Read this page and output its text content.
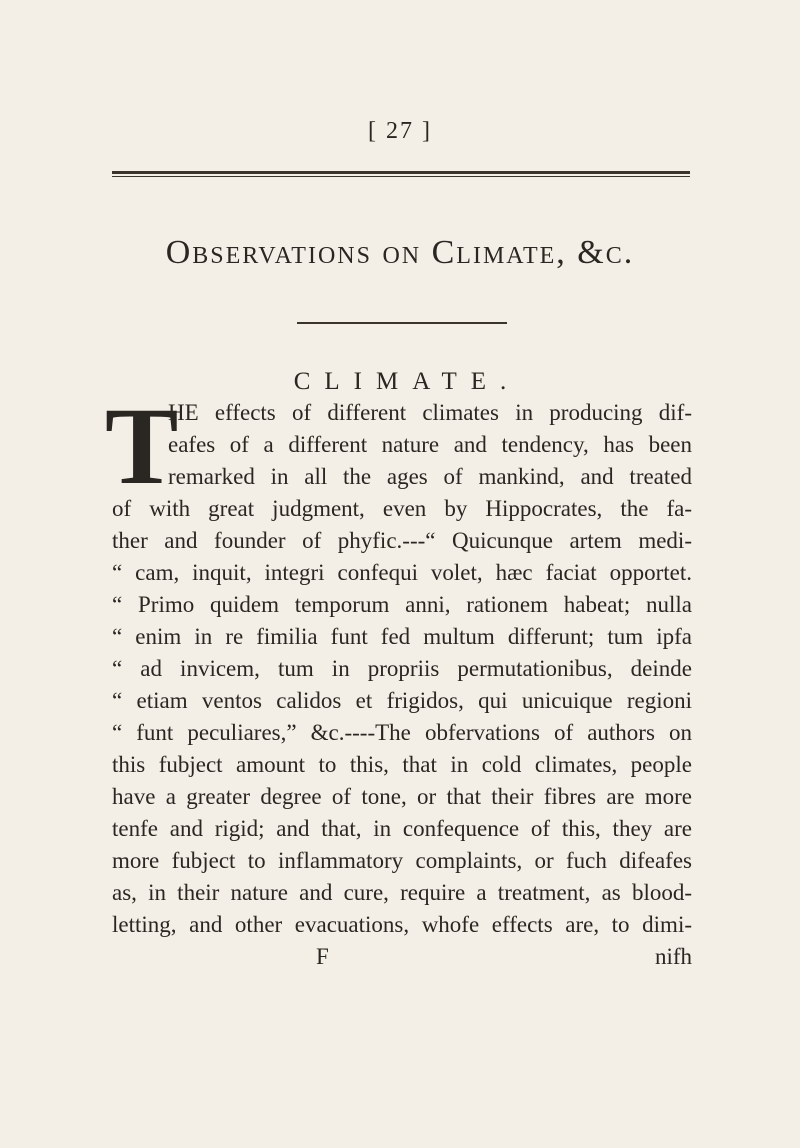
[ 27 ]
Observations on Climate, &c.
CLIMATE.
T
HE effects of different climates in producing dif-
eafes of a different nature and tendency, has been
remarked in all the ages of mankind, and treated
of with great judgment, even by Hippocrates, the fa-
ther and founder of phyfic.---“ Quicunque artem medi-
“ cam, inquit, integri confequi volet, hæc faciat opportet.
“ Primo quidem temporum anni, rationem habeat; nulla
“ enim in re fimilia funt fed multum differunt; tum ipfa
“ ad invicem, tum in propriis permutationibus, deinde
“ etiam ventos calidos et frigidos, qui unicuique regioni
“ funt peculiares,” &c.----The obfervations of authors on
this fubject amount to this, that in cold climates, people
have a greater degree of tone, or that their fibres are more
tenfe and rigid; and that, in confequence of this, they are
more fubject to inflammatory complaints, or fuch difeafes
as, in their nature and cure, require a treatment, as blood-
letting, and other evacuations, whofe effects are, to dimi-
F	nifh
